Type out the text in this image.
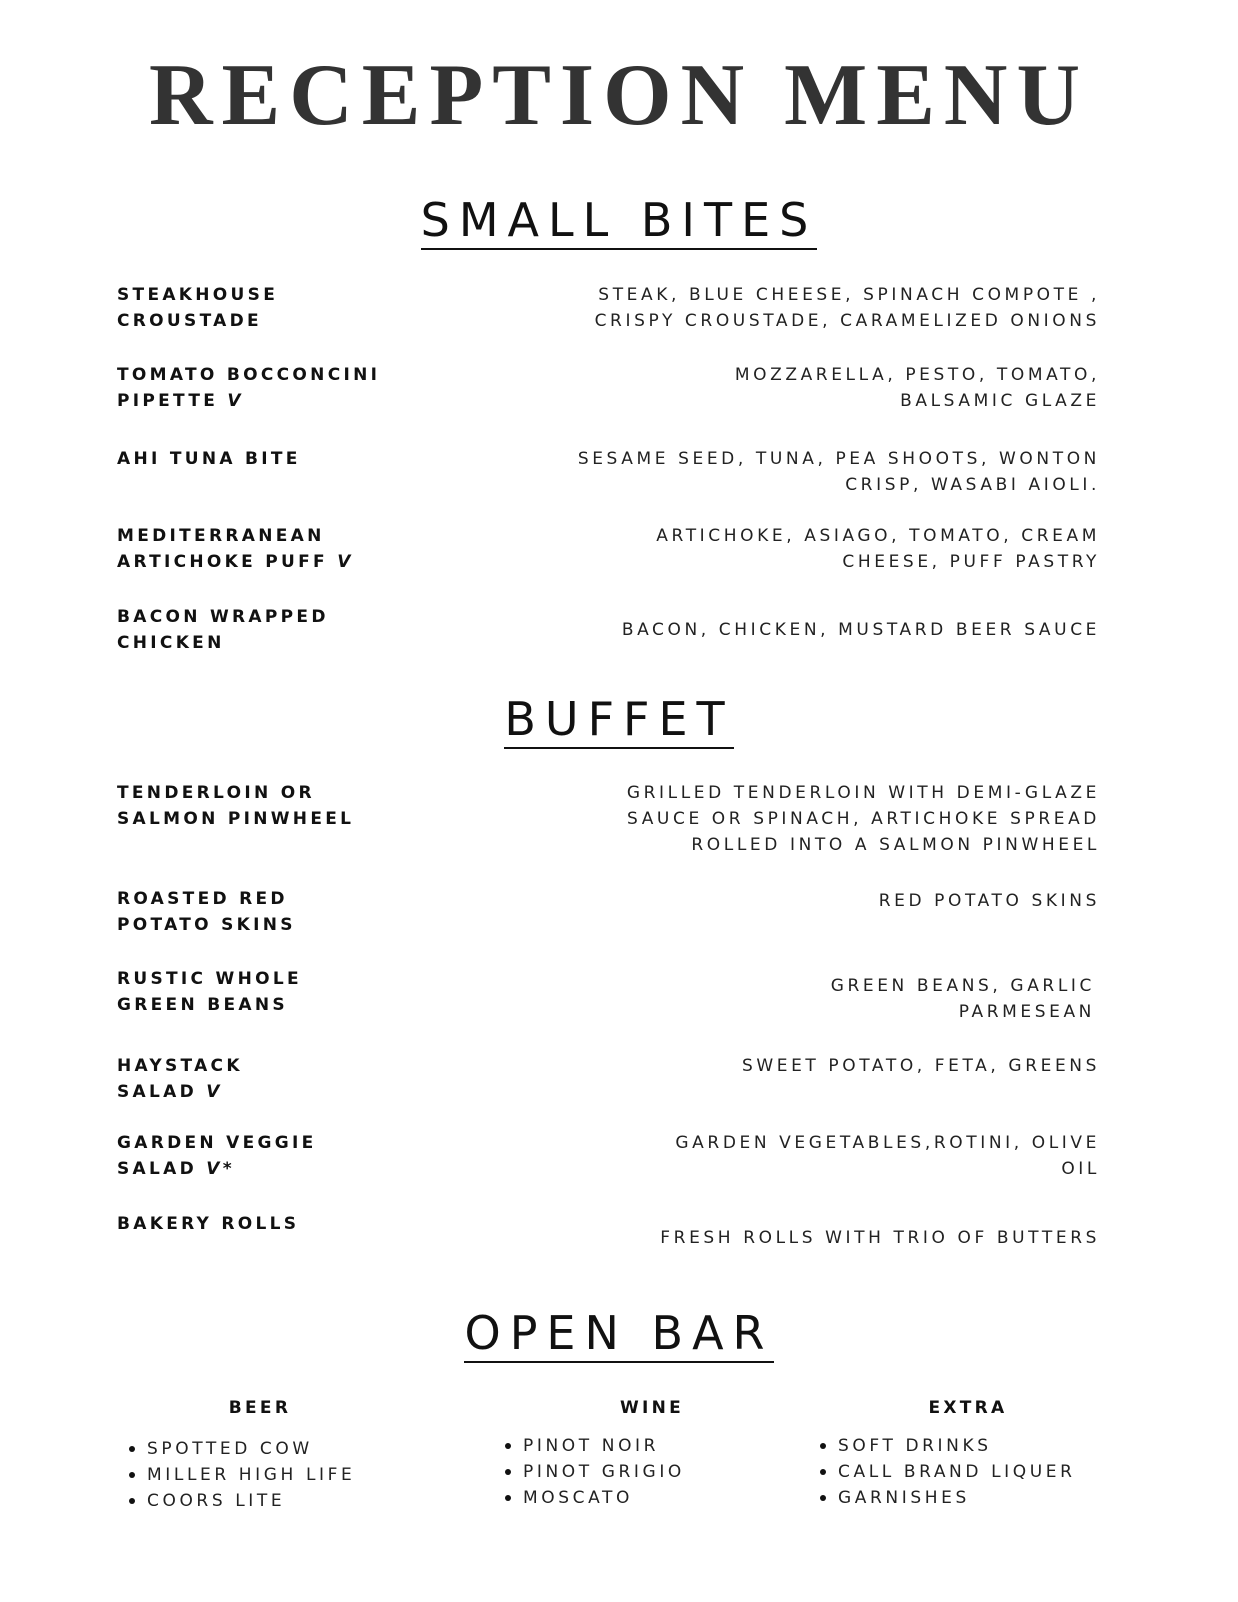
RECEPTION MENU
SMALL BITES
STEAKHOUSE
CROUSTADE
STEAK, BLUE CHEESE, SPINACH COMPOTE ,
CRISPY CROUSTADE, CARAMELIZED ONIONS
TOMATO BOCCONCINI
PIPETTE V
MOZZARELLA, PESTO, TOMATO,
BALSAMIC GLAZE
AHI TUNA BITE	SESAME SEED, TUNA, PEA SHOOTS, WONTON
CRISP, WASABI AIOLI.
MEDITERRANEAN
ARTICHOKE PUFF V
ARTICHOKE, ASIAGO, TOMATO, CREAM
CHEESE, PUFF PASTRY
BACON WRAPPED
CHICKEN
BACON, CHICKEN, MUSTARD BEER SAUCE
BUFFET
TENDERLOIN OR
SALMON PINWHEEL
GRILLED TENDERLOIN WITH DEMI-GLAZE
SAUCE OR SPINACH, ARTICHOKE SPREAD
ROLLED INTO A SALMON PINWHEEL
ROASTED RED
POTATO SKINS
RED POTATO SKINS
RUSTIC WHOLE
GREEN BEANS
GREEN BEANS, GARLIC
PARMESEAN
HAYSTACK
SALAD V
SWEET POTATO, FETA, GREENS
GARDEN VEGGIE
SALAD V*
GARDEN VEGETABLES,ROTINI, OLIVE
OIL
BAKERY ROLLS
FRESH ROLLS WITH TRIO OF BUTTERS
OPEN BAR
BEER
SPOTTED COW
MILLER HIGH LIFE
COORS LITE
WINE
PINOT NOIR
PINOT GRIGIO
MOSCATO
EXTRA
SOFT DRINKS
CALL BRAND LIQUER
GARNISHES
